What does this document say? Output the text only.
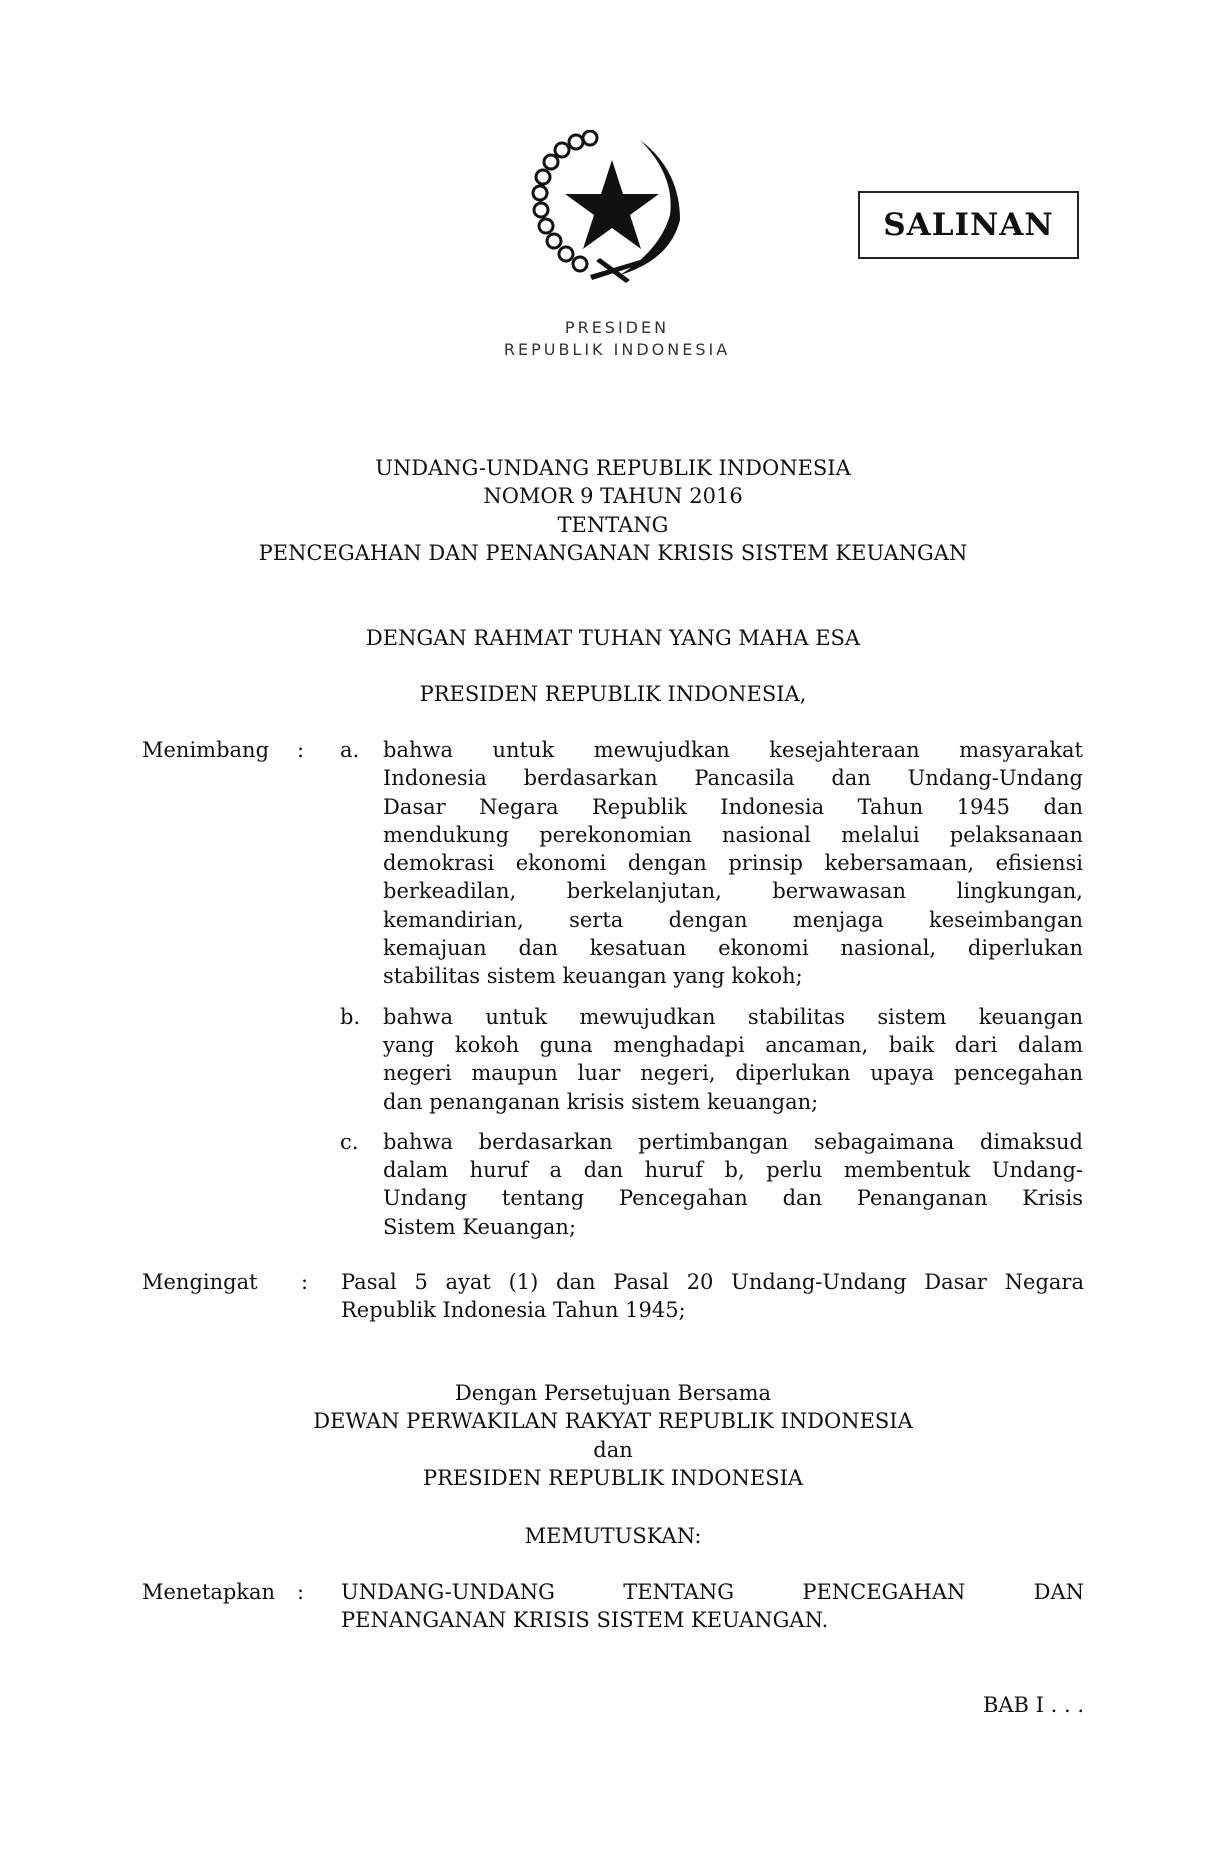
PRESIDEN
REPUBLIK INDONESIA
SALINAN
UNDANG-UNDANG REPUBLIK INDONESIA
NOMOR 9 TAHUN 2016
TENTANG
PENCEGAHAN DAN PENANGANAN KRISIS SISTEM KEUANGAN
DENGAN RAHMAT TUHAN YANG MAHA ESA
PRESIDEN REPUBLIK INDONESIA,
Menimbang : a.	bahwa untuk mewujudkan kesejahteraan masyarakat
Indonesia berdasarkan Pancasila dan Undang-Undang
Dasar Negara Republik Indonesia Tahun 1945 dan
mendukung perekonomian nasional melalui pelaksanaan
demokrasi ekonomi dengan prinsip kebersamaan, efisiensi
berkeadilan, berkelanjutan, berwawasan lingkungan,
kemandirian, serta dengan menjaga keseimbangan
kemajuan dan kesatuan ekonomi nasional, diperlukan
stabilitas sistem keuangan yang kokoh;
b.	bahwa untuk mewujudkan stabilitas sistem keuangan
yang kokoh guna menghadapi ancaman, baik dari dalam
negeri maupun luar negeri, diperlukan upaya pencegahan
dan penanganan krisis sistem keuangan;
c.	bahwa berdasarkan pertimbangan sebagaimana dimaksud
dalam huruf a dan huruf b, perlu membentuk Undang-
Undang tentang Pencegahan dan Penanganan Krisis
Sistem Keuangan;
Mengingat : Pasal 5 ayat (1) dan Pasal 20 Undang-Undang Dasar Negara
Republik Indonesia Tahun 1945;
Dengan Persetujuan Bersama
DEWAN PERWAKILAN RAKYAT REPUBLIK INDONESIA
dan
PRESIDEN REPUBLIK INDONESIA
MEMUTUSKAN:
Menetapkan : UNDANG-UNDANG TENTANG PENCEGAHAN DAN
PENANGANAN KRISIS SISTEM KEUANGAN.
BAB I . . .
